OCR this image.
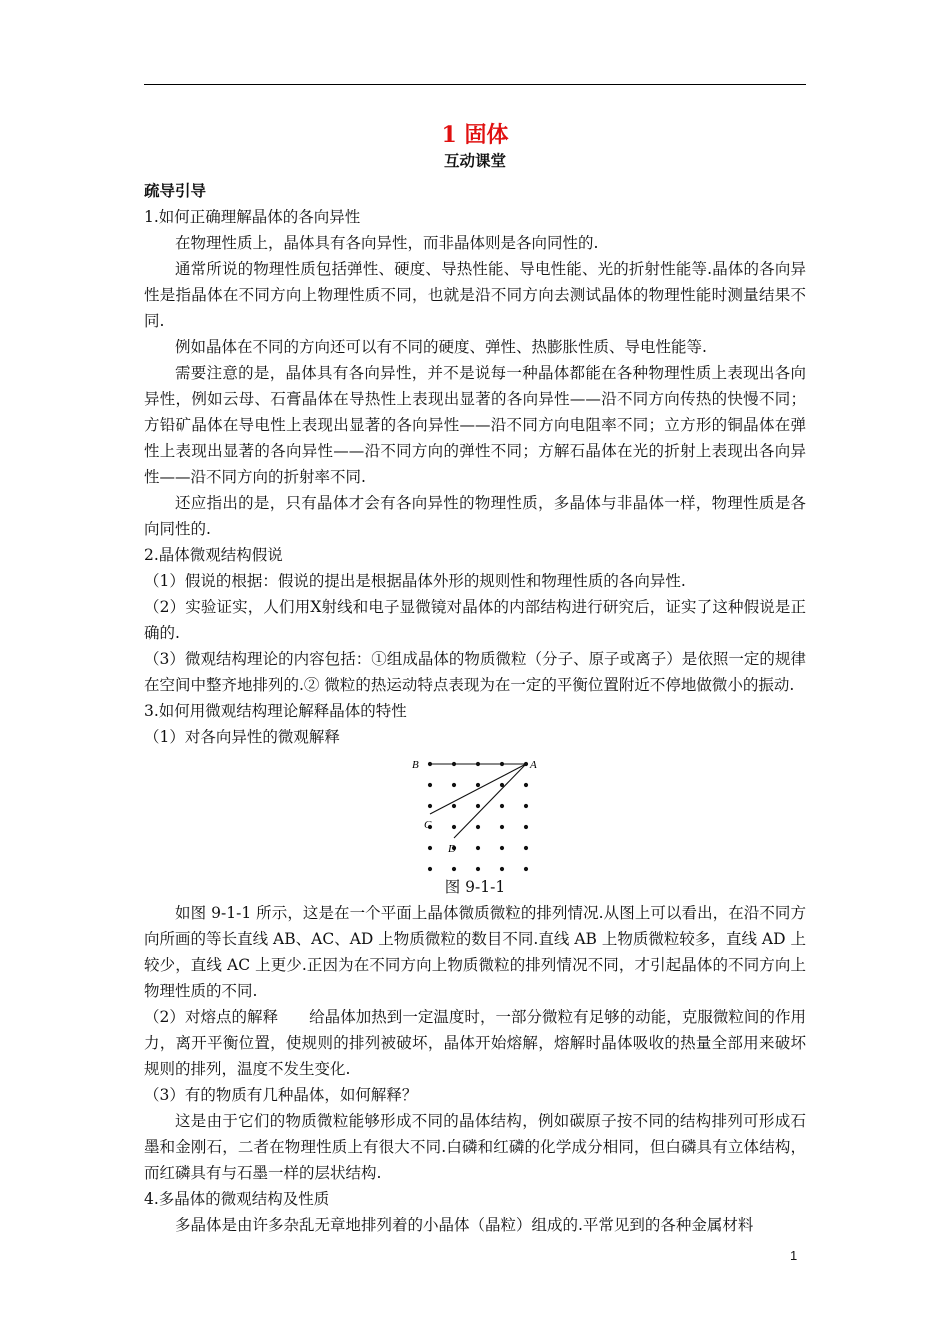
1 固体

互动课堂

疏导引导

1.如何正确理解晶体的各向异性

在物理性质上，晶体具有各向异性，而非晶体则是各向同性的.

通常所说的物理性质包括弹性、硬度、导热性能、导电性能、光的折射性能等.晶体的各向异性是指晶体在不同方向上物理性质不同，也就是沿不同方向去测试晶体的物理性能时测量结果不同.

例如晶体在不同的方向还可以有不同的硬度、弹性、热膨胀性质、导电性能等.

需要注意的是，晶体具有各向异性，并不是说每一种晶体都能在各种物理性质上表现出各向异性，例如云母、石膏晶体在导热性上表现出显著的各向异性——沿不同方向传热的快慢不同；方铅矿晶体在导电性上表现出显著的各向异性——沿不同方向电阻率不同；立方形的铜晶体在弹性上表现出显著的各向异性——沿不同方向的弹性不同；方解石晶体在光的折射上表现出各向异性——沿不同方向的折射率不同.

还应指出的是，只有晶体才会有各向异性的物理性质，多晶体与非晶体一样，物理性质是各向同性的.

2.晶体微观结构假说

（1）假说的根据：假说的提出是根据晶体外形的规则性和物理性质的各向异性.

（2）实验证实，人们用X射线和电子显微镜对晶体的内部结构进行研究后，证实了这种假说是正确的.

（3）微观结构理论的内容包括：①组成晶体的物质微粒（分子、原子或离子）是依照一定的规律在空间中整齐地排列的.② 微粒的热运动特点表现为在一定的平衡位置附近不停地做微小的振动.

3.如何用微观结构理论解释晶体的特性

（1）对各向异性的微观解释

B	A
C
D

图 9-1-1

如图 9-1-1 所示，这是在一个平面上晶体微质微粒的排列情况.从图上可以看出，在沿不同方向所画的等长直线 AB、AC、AD 上物质微粒的数目不同.直线 AB 上物质微粒较多，直线 AD 上较少，直线 AC 上更少.正因为在不同方向上物质微粒的排列情况不同，才引起晶体的不同方向上物理性质的不同.

（2）对熔点的解释　　给晶体加热到一定温度时，一部分微粒有足够的动能，克服微粒间的作用力，离开平衡位置，使规则的排列被破坏，晶体开始熔解，熔解时晶体吸收的热量全部用来破坏规则的排列，温度不发生变化.

（3）有的物质有几种晶体，如何解释？

这是由于它们的物质微粒能够形成不同的晶体结构，例如碳原子按不同的结构排列可形成石墨和金刚石，二者在物理性质上有很大不同.白磷和红磷的化学成分相同，但白磷具有立体结构，而红磷具有与石墨一样的层状结构.

4.多晶体的微观结构及性质

多晶体是由许多杂乱无章地排列着的小晶体（晶粒）组成的.平常见到的各种金属材料

1
